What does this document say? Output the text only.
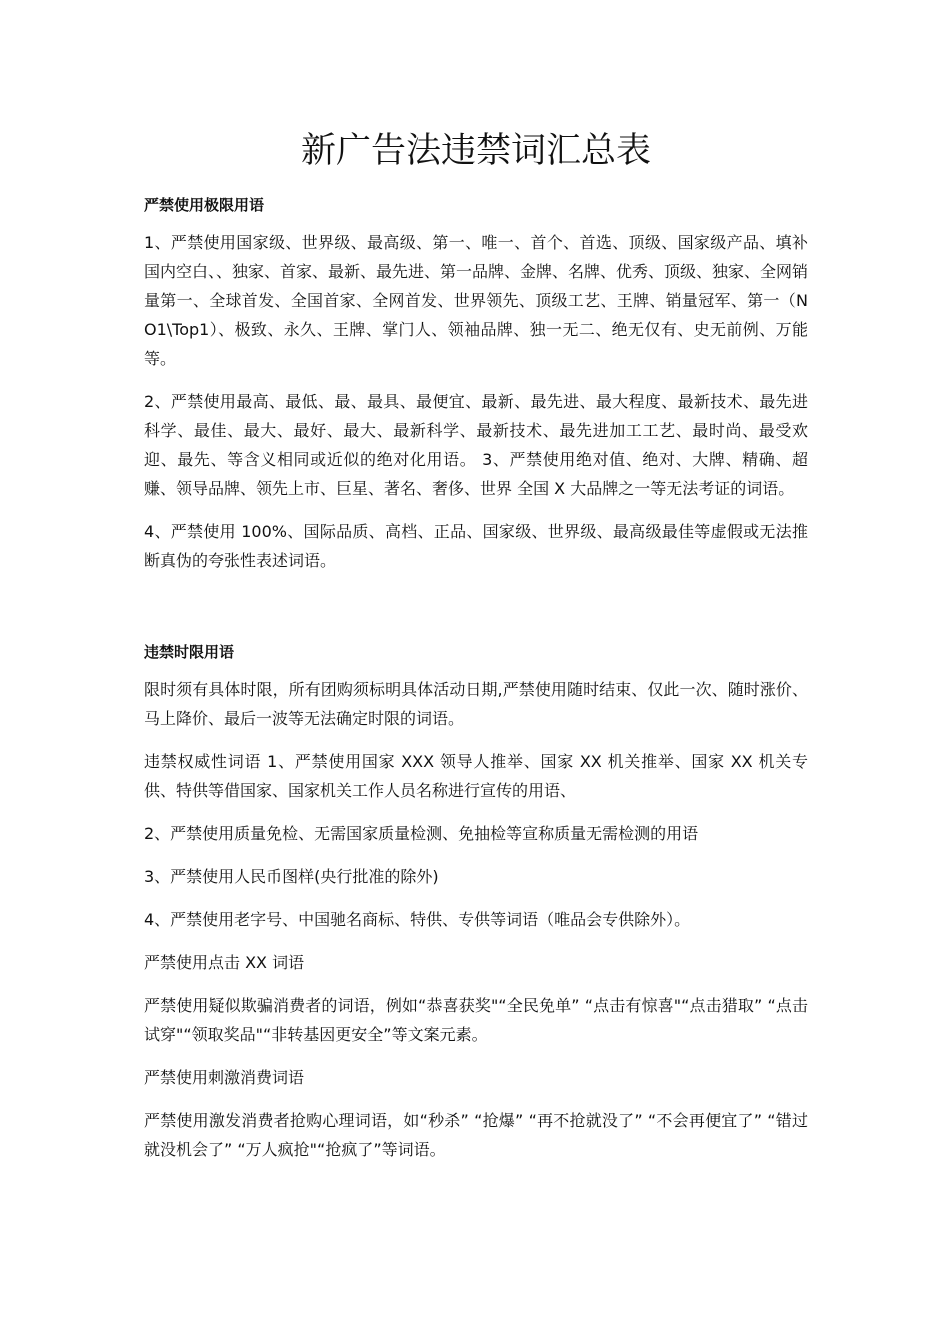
新广告法违禁词汇总表

严禁使用极限用语

1、严禁使用国家级、世界级、最高级、第一、唯一、首个、首选、顶级、国家级产品、填补国内空白、、独家、首家、最新、最先进、第一品牌、金牌、名牌、优秀、顶级、独家、全网销量第一、全球首发、全国首家、全网首发、世界领先、顶级工艺、王牌、销量冠军、第一（NO1\Top1）、极致、永久、王牌、掌门人、领袖品牌、独一无二、绝无仅有、史无前例、万能等。

2、严禁使用最高、最低、最、最具、最便宜、最新、最先进、最大程度、最新技术、最先进科学、最佳、最大、最好、最大、最新科学、最新技术、最先进加工工艺、最时尚、最受欢迎、最先、等含义相同或近似的绝对化用语。 3、严禁使用绝对值、绝对、大牌、精确、超赚、领导品牌、领先上市、巨星、著名、奢侈、世界 全国 X 大品牌之一等无法考证的词语。

4、严禁使用 100%、国际品质、高档、正品、国家级、世界级、最高级最佳等虚假或无法推断真伪的夸张性表述词语。

违禁时限用语

限时须有具体时限，所有团购须标明具体活动日期,严禁使用随时结束、仅此一次、随时涨价、马上降价、最后一波等无法确定时限的词语。

违禁权威性词语 1、严禁使用国家 XXX 领导人推举、国家 XX 机关推举、国家 XX 机关专供、特供等借国家、国家机关工作人员名称进行宣传的用语、

2、严禁使用质量免检、无需国家质量检测、免抽检等宣称质量无需检测的用语

3、严禁使用人民币图样(央行批准的除外)

4、严禁使用老字号、中国驰名商标、特供、专供等词语（唯品会专供除外）。

严禁使用点击 XX 词语

严禁使用疑似欺骗消费者的词语，例如“恭喜获奖"“全民免单” “点击有惊喜"“点击猎取” “点击试穿"“领取奖品"“非转基因更安全”等文案元素。

严禁使用刺激消费词语

严禁使用激发消费者抢购心理词语，如“秒杀” “抢爆” “再不抢就没了” “不会再便宜了” “错过就没机会了” “万人疯抢"“抢疯了”等词语。
